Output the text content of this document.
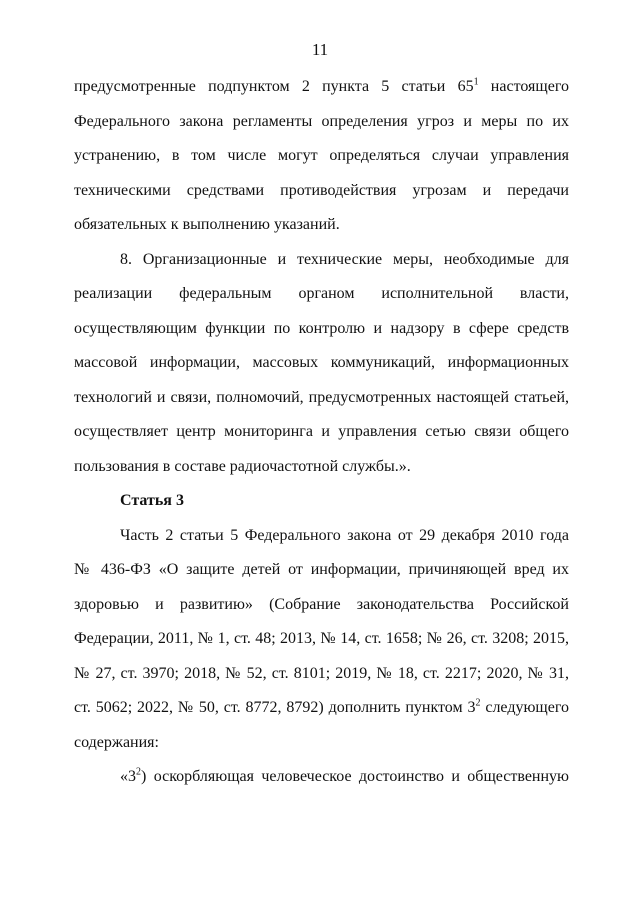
11
предусмотренные подпунктом 2 пункта 5 статьи $65^1$ настоящего
Федерального закона регламенты определения угроз и меры по их
устранению, в том числе могут определяться случаи управления
техническими средствами противодействия угрозам и передачи
обязательных к выполнению указаний.
8. Организационные и технические меры, необходимые для
реализации федеральным органом исполнительной власти,
осуществляющим функции по контролю и надзору в сфере средств
массовой информации, массовых коммуникаций, информационных
технологий и связи, полномочий, предусмотренных настоящей статьей,
осуществляет центр мониторинга и управления сетью связи общего
пользования в составе радиочастотной службы.».
Статья 3
Часть 2 статьи 5 Федерального закона от 29 декабря 2010 года
№ 436-ФЗ «О защите детей от информации, причиняющей вред их
здоровью и развитию» (Собрание законодательства Российской
Федерации, 2011, № 1, ст. 48; 2013, № 14, ст. 1658; № 26, ст. 3208; 2015,
№ 27, ст. 3970; 2018, № 52, ст. 8101; 2019, № 18, ст. 2217; 2020, № 31,
ст. 5062; 2022, № 50, ст. 8772, 8792) дополнить пунктом $3^2$ следующего
содержания:
«$3^2$) оскорбляющая человеческое достоинство и общественную
